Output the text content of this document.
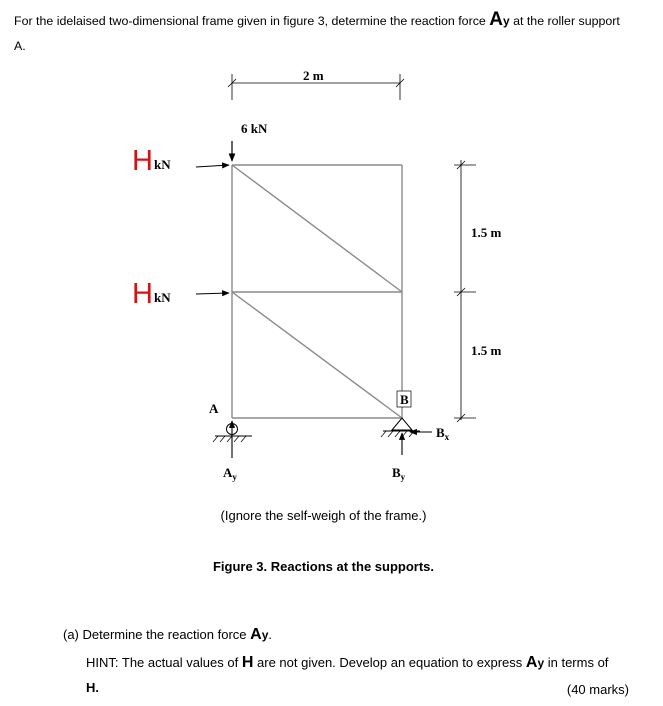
For the idelaised two-dimensional frame given in figure 3, determine the reaction force Ay at the roller support
A.

2 m
1.5 m
1.5 m
6 kN
H kN
H kN
A
B
$A_y$
$B_x$
$B_y$
(Ignore the self-weigh of the frame.)
Figure 3. Reactions at the supports.
(a) Determine the reaction force Ay.
HINT: The actual values of H are not given. Develop an equation to express Ay in terms of
H.	(40 marks)
